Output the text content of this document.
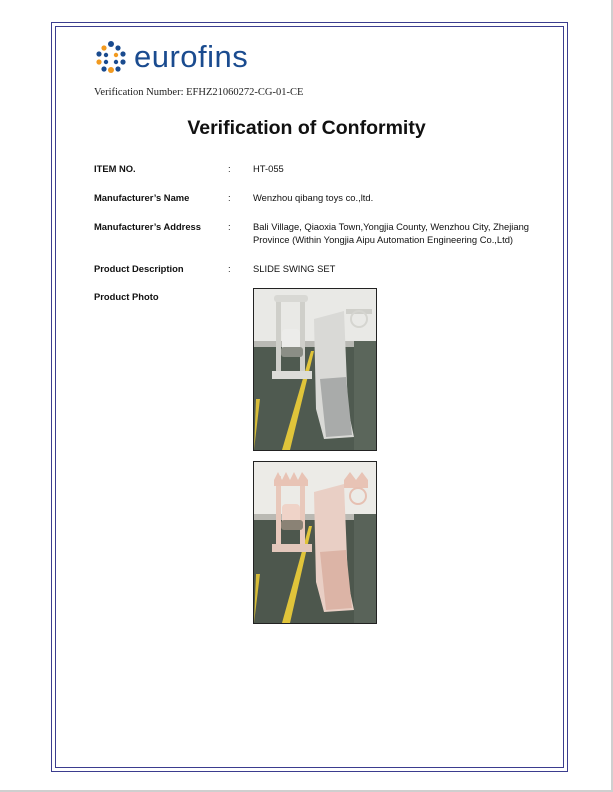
eurofins
Verification Number: EFHZ21060272-CG-01-CE
Verification of Conformity
ITEM NO.	: HT-055
Manufacturer’s Name	: Wenzhou qibang toys co.,ltd.
Manufacturer’s Address	: Bali Village, Qiaoxia Town,Yongjia County, Wenzhou City, Zhejiang Province (Within Yongjia Aipu Automation Engineering Co.,Ltd)
Product Description	: SLIDE SWING SET
Product Photo
